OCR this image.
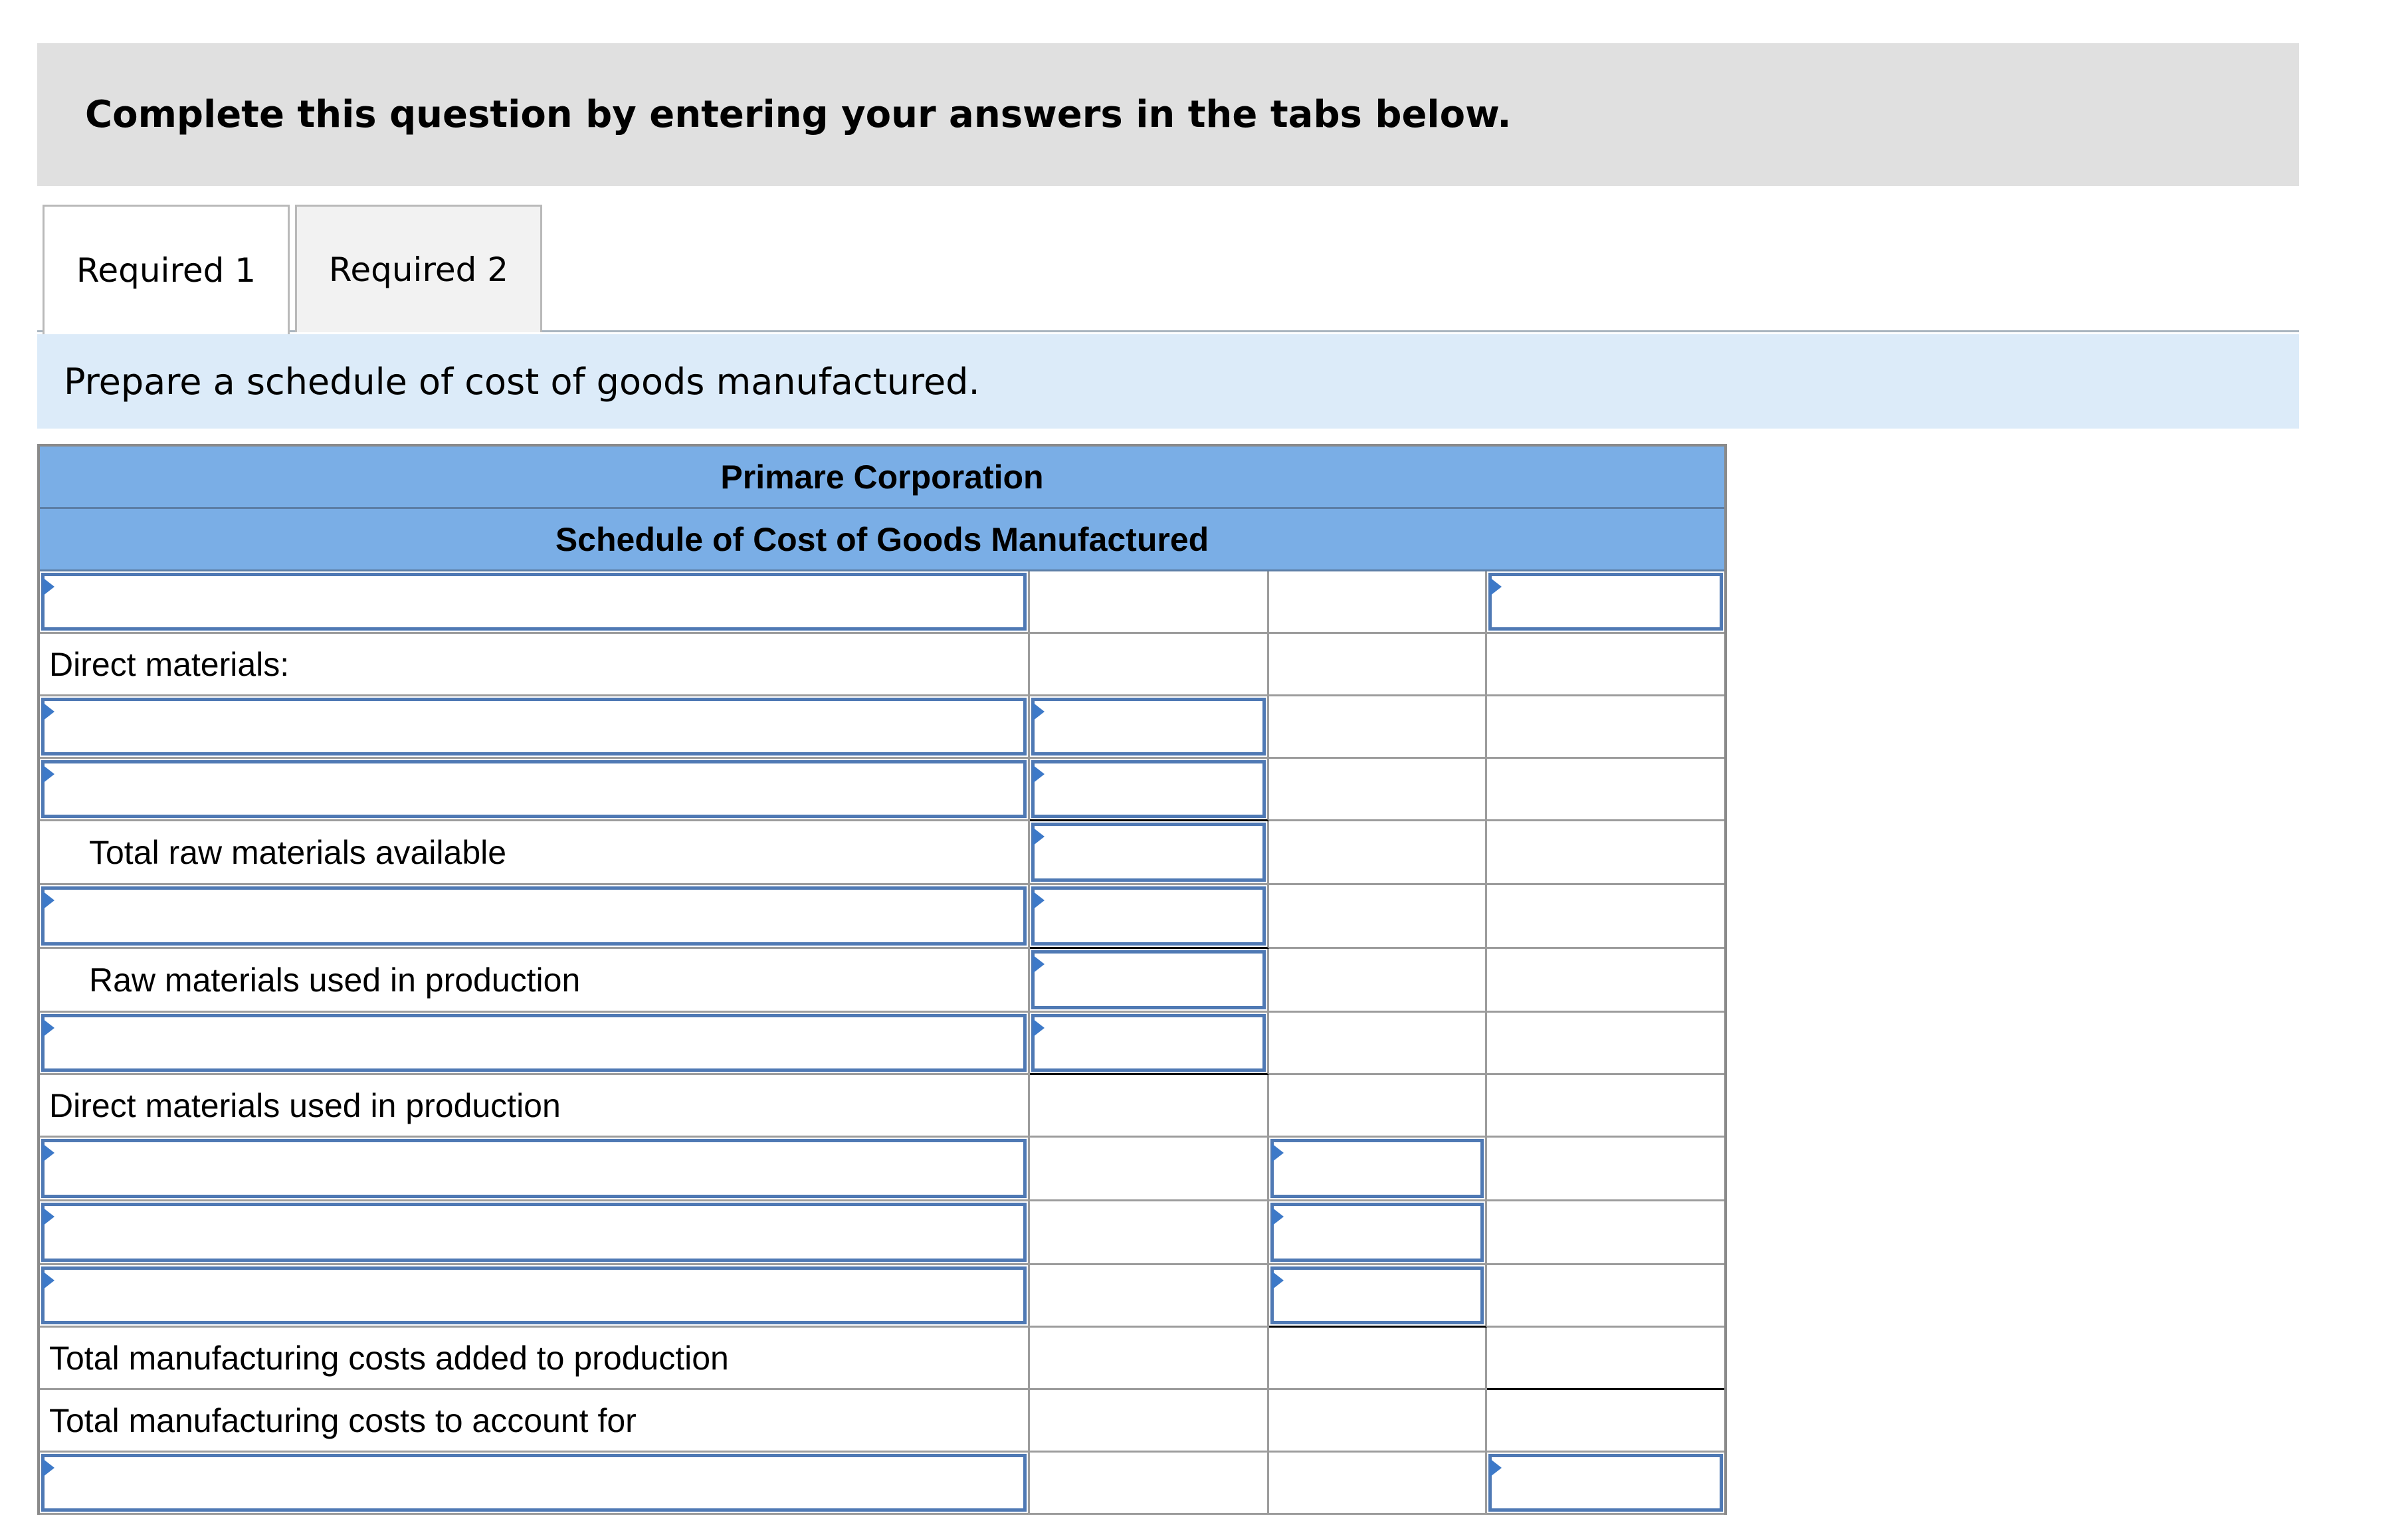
Complete this question by entering your answers in the tabs below.
Required 1	Required 2
Prepare a schedule of cost of goods manufactured.
Primare Corporation
Schedule of Cost of Goods Manufactured
Direct materials:
Total raw materials available
Raw materials used in production
Direct materials used in production
Total manufacturing costs added to production
Total manufacturing costs to account for
